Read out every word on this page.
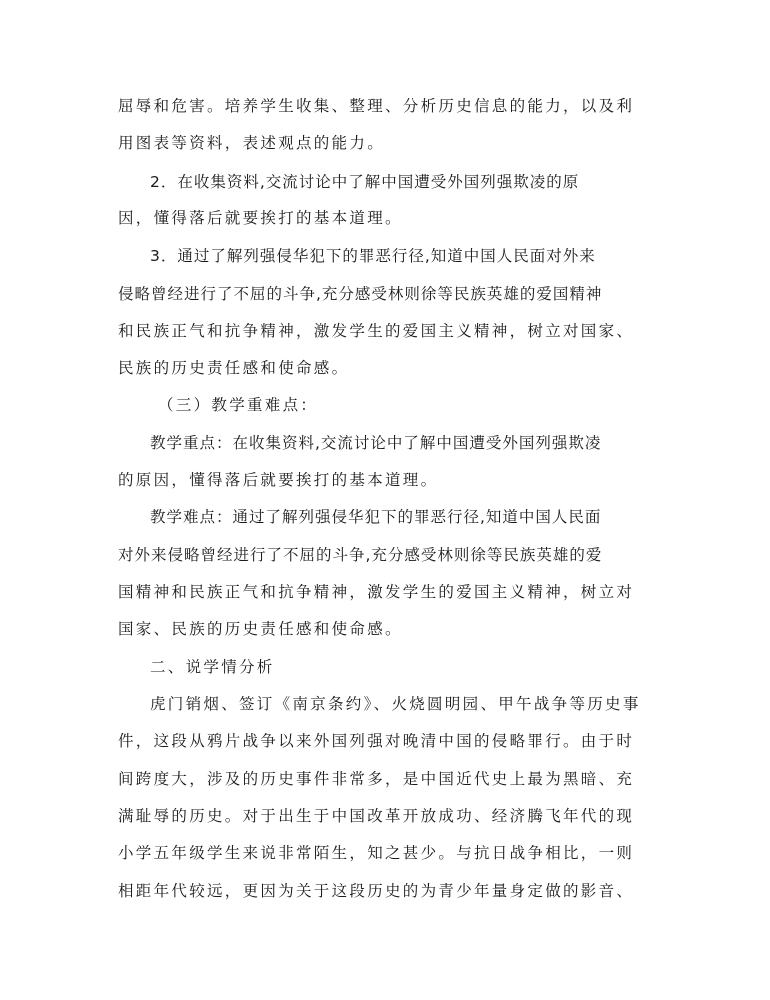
屈辱和危害。培养学生收集、整理、分析历史信息的能力，以及利
用图表等资料，表述观点的能力。
2．在收集资料,交流讨论中了解中国遭受外国列强欺凌的原
因，懂得落后就要挨打的基本道理。
3．通过了解列强侵华犯下的罪恶行径,知道中国人民面对外来
侵略曾经进行了不屈的斗争,充分感受林则徐等民族英雄的爱国精神
和民族正气和抗争精神，激发学生的爱国主义精神，树立对国家、
民族的历史责任感和使命感。
（三）教学重难点：
教学重点：在收集资料,交流讨论中了解中国遭受外国列强欺凌
的原因，懂得落后就要挨打的基本道理。
教学难点：通过了解列强侵华犯下的罪恶行径,知道中国人民面
对外来侵略曾经进行了不屈的斗争,充分感受林则徐等民族英雄的爱
国精神和民族正气和抗争精神，激发学生的爱国主义精神，树立对
国家、民族的历史责任感和使命感。
二、说学情分析
虎门销烟、签订《南京条约》、火烧圆明园、甲午战争等历史事
件，这段从鸦片战争以来外国列强对晚清中国的侵略罪行。由于时
间跨度大，涉及的历史事件非常多，是中国近代史上最为黑暗、充
满耻辱的历史。对于出生于中国改革开放成功、经济腾飞年代的现
小学五年级学生来说非常陌生，知之甚少。与抗日战争相比，一则
相距年代较远，更因为关于这段历史的为青少年量身定做的影音、
